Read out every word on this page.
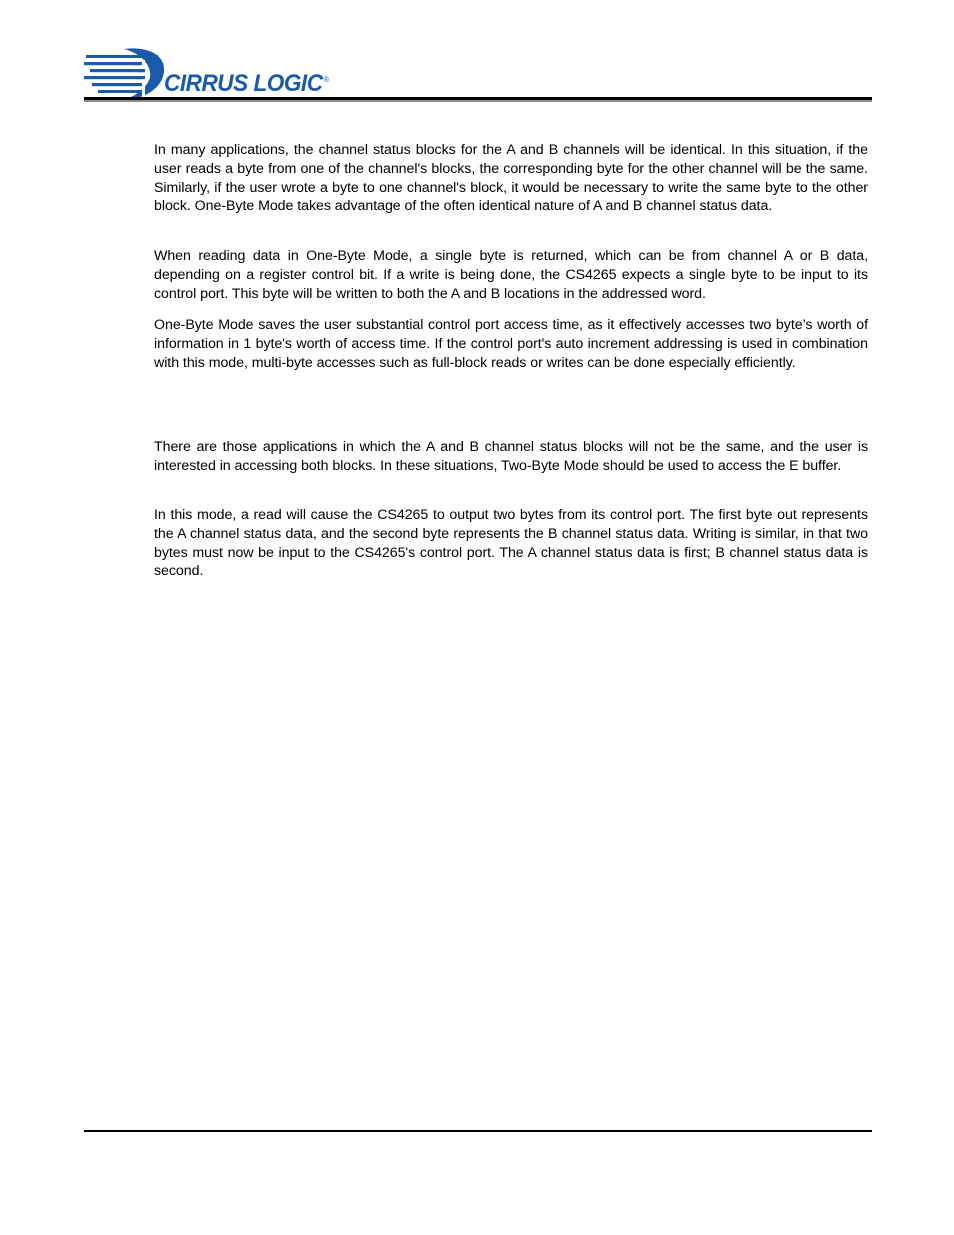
CIRRUS LOGIC®

In many applications, the channel status blocks for the A and B channels will be identical. In this situation, if the user reads a byte from one of the channel's blocks, the corresponding byte for the other channel will be the same. Similarly, if the user wrote a byte to one channel's block, it would be necessary to write the same byte to the other block. One-Byte Mode takes advantage of the often identical nature of A and B channel status data.

When reading data in One-Byte Mode, a single byte is returned, which can be from channel A or B data, depending on a register control bit. If a write is being done, the CS4265 expects a single byte to be input to its control port. This byte will be written to both the A and B locations in the addressed word.

One-Byte Mode saves the user substantial control port access time, as it effectively accesses two byte’s worth of information in 1 byte's worth of access time. If the control port's auto increment addressing is used in combination with this mode, multi-byte accesses such as full-block reads or writes can be done especially efficiently.

There are those applications in which the A and B channel status blocks will not be the same, and the user is interested in accessing both blocks. In these situations, Two-Byte Mode should be used to access the E buffer.

In this mode, a read will cause the CS4265 to output two bytes from its control port. The first byte out represents the A channel status data, and the second byte represents the B channel status data. Writing is similar, in that two bytes must now be input to the CS4265's control port. The A channel status data is first; B channel status data is second.
